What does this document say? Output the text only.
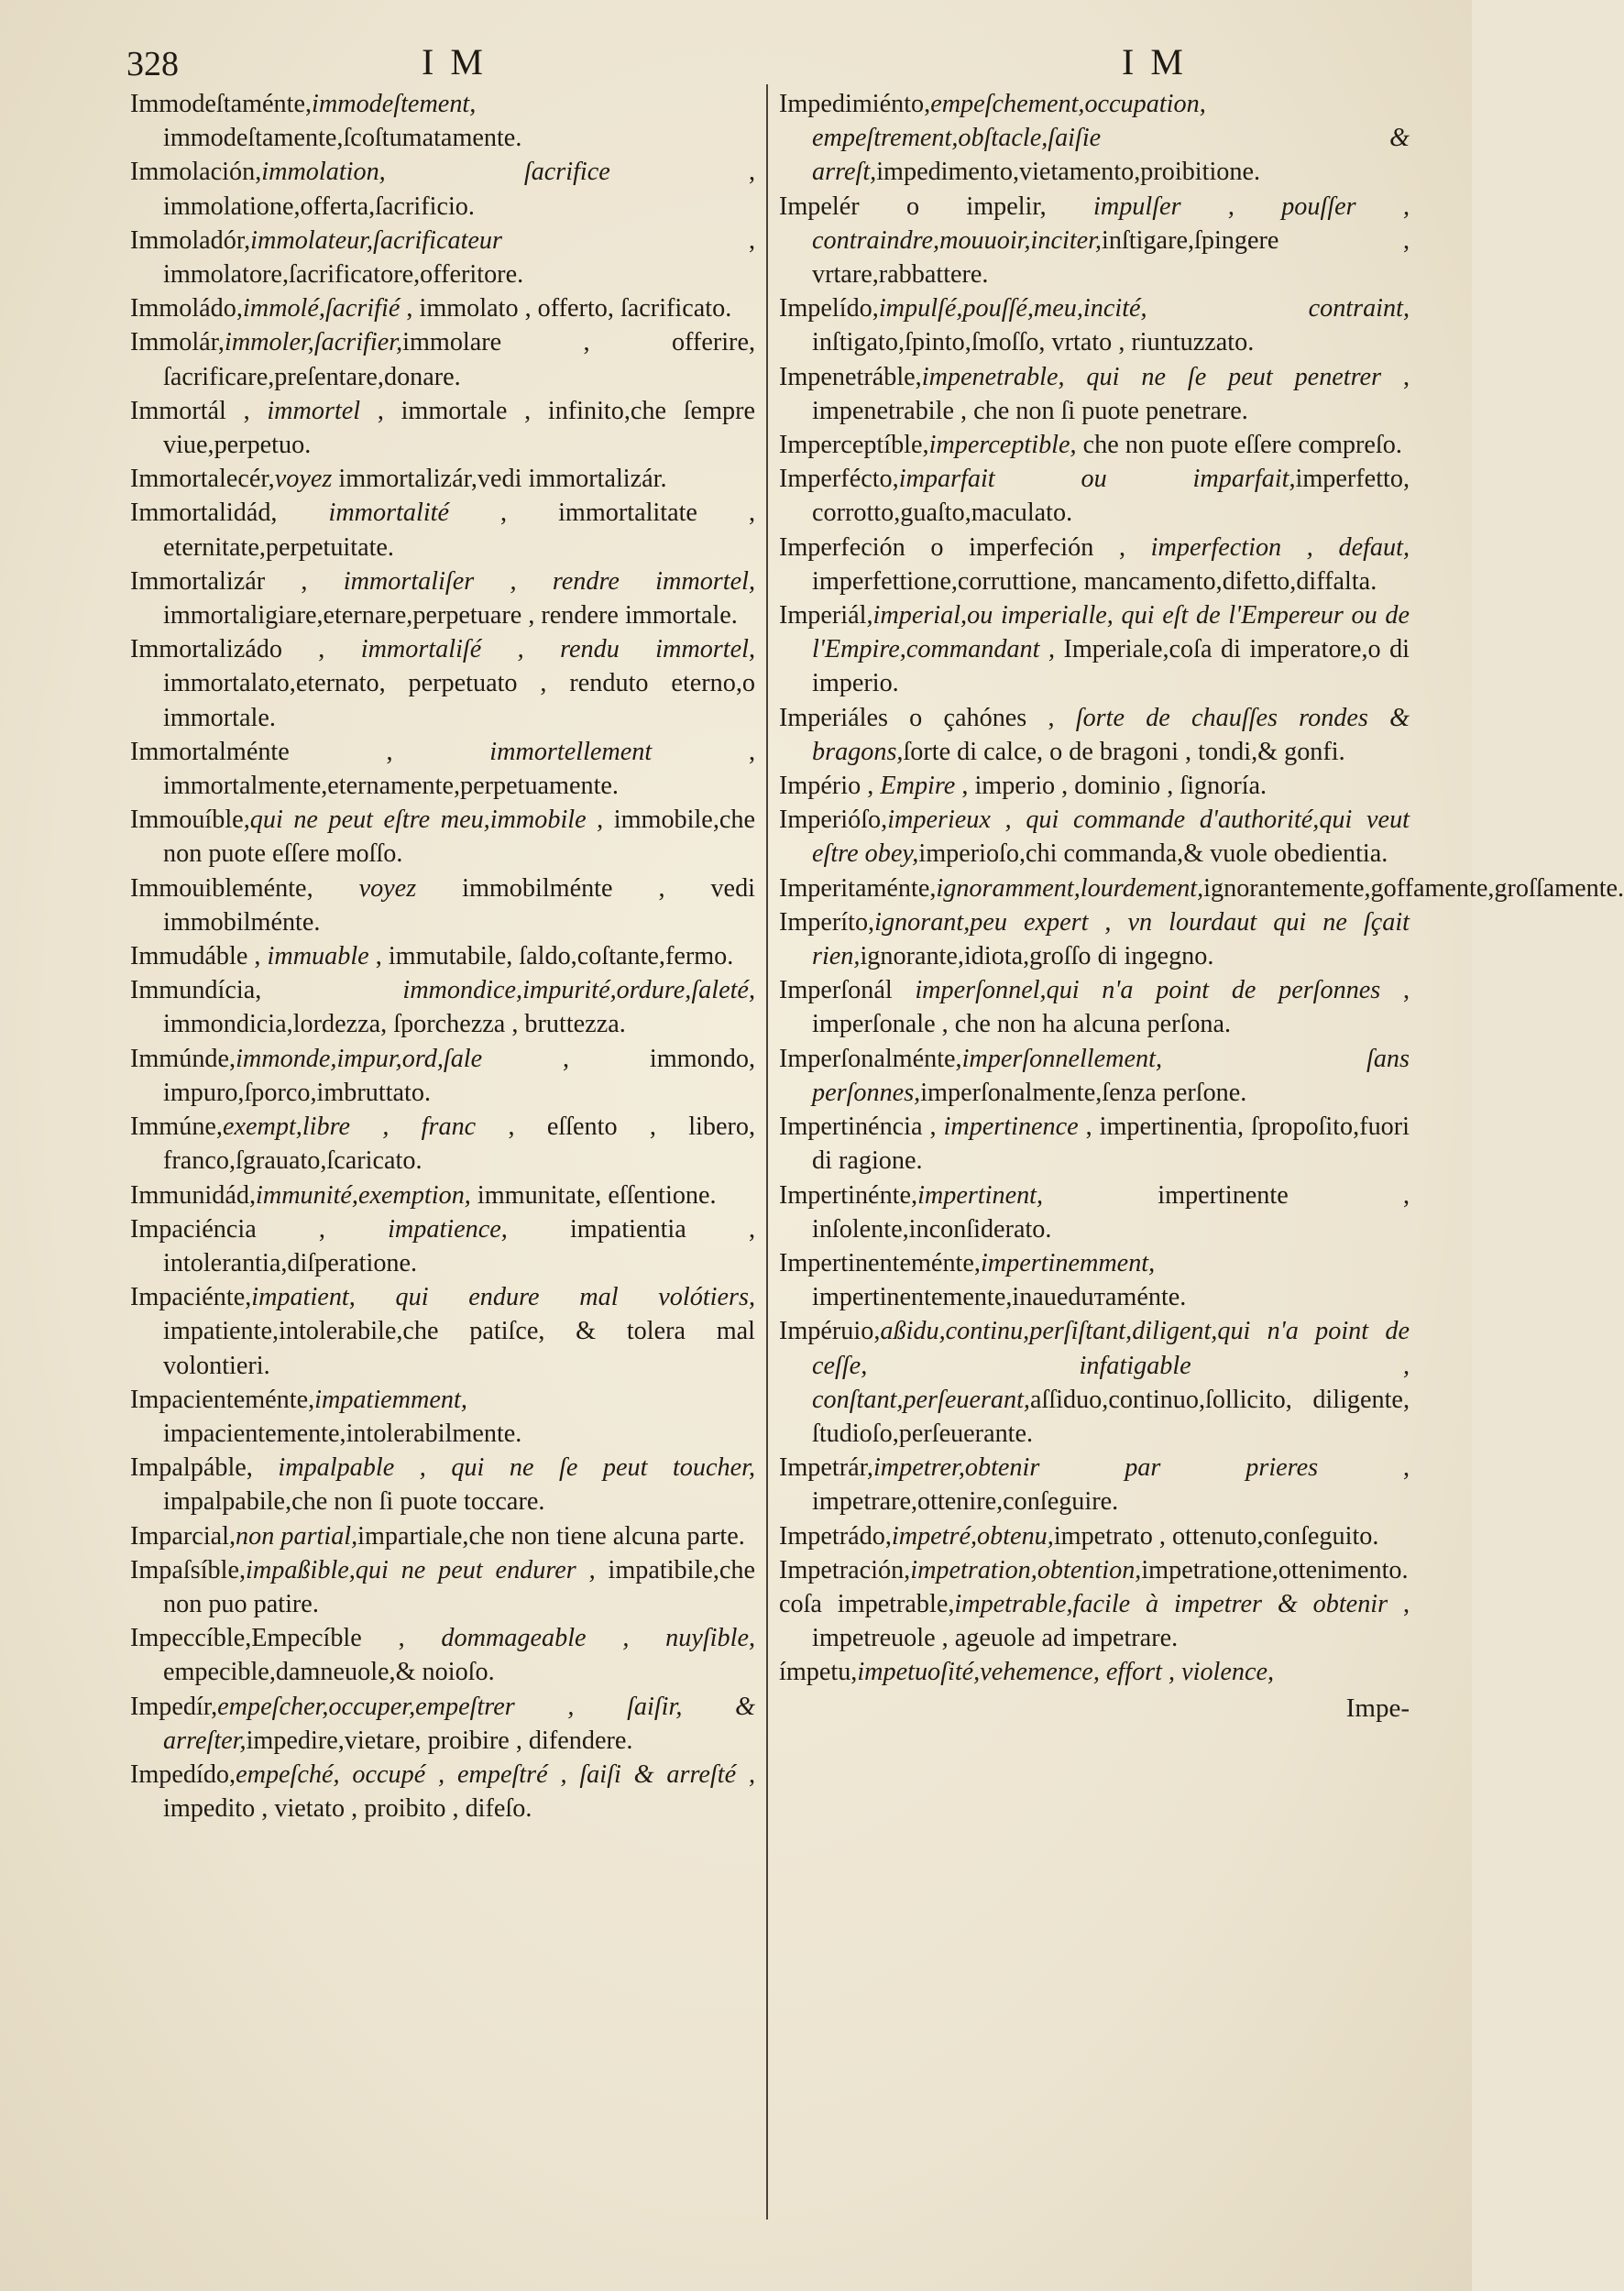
328	IM	IM

Immodeſtaménte,immodeſtement, immodeſtamente,ſcoſtumatamente.

Immolación,immolation, ſacrifice , immolatione,offerta,ſacrificio.

Immoladór,immolateur,ſacrificateur , immolatore,ſacrificatore,offeritore.

Immoládo,immolé,ſacrifié , immolato , offerto, ſacrificato.

Immolár,immoler,ſacrifier,immolare , offerire, ſacrificare,preſentare,donare.

Immortál , immortel , immortale , infinito,che ſempre viue,perpetuo.

Immortalecér,voyez immortalizár,vedi immortalizár.

Immortalidád, immortalité , immortalitate , eternitate,perpetuitate.

Immortalizár , immortaliſer , rendre immortel, immortaligiare,eternare,perpetuare , rendere immortale.

Immortalizádo , immortaliſé , rendu immortel, immortalato,eternato, perpetuato , renduto eterno,o immortale.

Immortalménte , immortellement , immortalmente,eternamente,perpetuamente.

Immouíble,qui ne peut eſtre meu,immobile , immobile,che non puote eſſere moſſo.

Immouibleménte, voyez immobilménte , vedi immobilménte.

Immudáble , immuable , immutabile, ſaldo,coſtante,fermo.

Immundícia, immondice,impurité,ordure,ſaleté, immondicia,lordezza, ſporchezza , bruttezza.

Immúnde,immonde,impur,ord,ſale , immondo, impuro,ſporco,imbruttato.

Immúne,exempt,libre , franc , eſſento , libero, franco,ſgrauato,ſcaricato.

Immunidád,immunité,exemption, immunitate, eſſentione.

Impaciéncia , impatience, impatientia , intolerantia,diſperatione.

Impaciénte,impatient, qui endure mal volótiers, impatiente,intolerabile,che patiſce, & tolera mal volontieri.

Impacienteménte,impatiemment, impacientemente,intolerabilmente.

Impalpáble, impalpable , qui ne ſe peut toucher, impalpabile,che non ſi puote toccare.

Imparcial,non partial,impartiale,che non tiene alcuna parte.

Impaſsíble,impaßible,qui ne peut endurer , impatibile,che non puo patire.

Impeccíble,Empecíble , dommageable , nuyſible, empecible,damneuole,& noioſo.

Impedír,empeſcher,occuper,empeſtrer , ſaiſir, & arreſter,impedire,vietare, proibire , difendere.

Impedído,empeſché, occupé , empeſtré , ſaiſi & arreſté , impedito , vietato , proibito , difeſo.

Impedimiénto,empeſchement,occupation, empeſtrement,obſtacle,ſaiſie & arreſt,impedimento,vietamento,proibitione.

Impelér o impelir, impulſer , pouſſer , contraindre,mouuoir,inciter,inſtigare,ſpingere , vrtare,rabbattere.

Impelído,impulſé,pouſſé,meu,incité, contraint, inſtigato,ſpinto,ſmoſſo, vrtato , riuntuzzato.

Impenetráble,impenetrable, qui ne ſe peut penetrer , impenetrabile , che non ſi puote penetrare.

Imperceptíble,imperceptible, che non puote eſſere compreſo.

Imperfécto,imparfait ou imparfait,imperfetto, corrotto,guaſto,maculato.

Imperfeción o imperfeción , imperfection , defaut, imperfettione,corruttione, mancamento,difetto,diffalta.

Imperiál,imperial,ou imperialle, qui eſt de l'Empereur ou de l'Empire,commandant , Imperiale,coſa di imperatore,o di imperio.

Imperiáles o çahónes , ſorte de chauſſes rondes & bragons,ſorte di calce, o de bragoni , tondi,& gonfi.

Império , Empire , imperio , dominio , ſignoría.

Imperióſo,imperieux , qui commande d'authorité,qui veut eſtre obey,imperioſo,chi commanda,& vuole obedientia.

Imperitaménte,ignoramment,lourdement,ignorantemente,goffamente,groſſamente.

Imperíto,ignorant,peu expert , vn lourdaut qui ne ſçait rien,ignorante,idiota,groſſo di ingegno.

Imperſonál imperſonnel,qui n'a point de perſonnes , imperſonale , che non ha alcuna perſona.

Imperſonalménte,imperſonnellement, ſans perſonnes,imperſonalmente,ſenza perſone.

Impertinéncia , impertinence , impertinentia, ſpropoſito,fuori di ragione.

Impertinénte,impertinent, impertinente , inſolente,inconſiderato.

Impertinenteménte,impertinemment, impertinentemente,inaueduтaménte.

Impéruio,aßidu,continu,perſiſtant,diligent,qui n'a point de ceſſe, infatigable , conſtant,perſeuerant,aſſiduo,continuo,ſollicito, diligente, ſtudioſo,perſeuerante.

Impetrár,impetrer,obtenir par prieres , impetrare,ottenire,conſeguire.

Impetrádo,impetré,obtenu,impetrato , ottenuto,conſeguito.

Impetración,impetration,obtention,impetratione,ottenimento.

coſa impetrable,impetrable,facile à impetrer & obtenir , impetreuole , ageuole ad impetrare.

ímpetu,impetuoſité,vehemence, effort , violence,

Impe-
